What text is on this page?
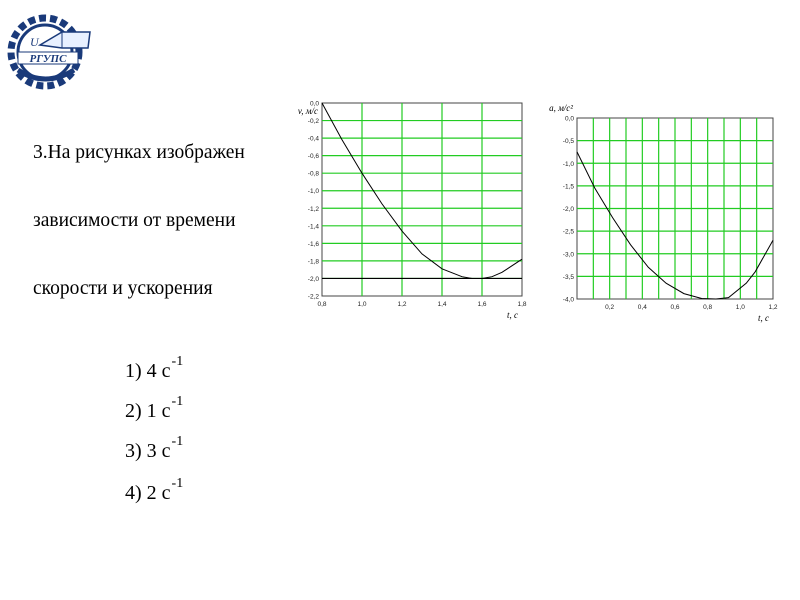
U
РГУПС

3.На рисунках изображен

зависимости от времени

скорости и ускорения

0,0
-0,2
-0,4
-0,6
-0,8
-1,0
-1,2
-1,4
-1,6
-1,8
-2,0
-2,2
0,8	1,0	1,2	1,4	1,6	1,8
v, м/с
t, с
0,0
-0,5
-1,0
-1,5
-2,0
-2,5
-3,0
-3,5
-4,0
0,2	0,4	0,6	0,8	1,0	1,2
a, м/с²
t, с
1) 4 $с^{-1}$
2) 1 $с^{-1}$
3) 3 $с^{-1}$
4) 2 $с^{-1}$
